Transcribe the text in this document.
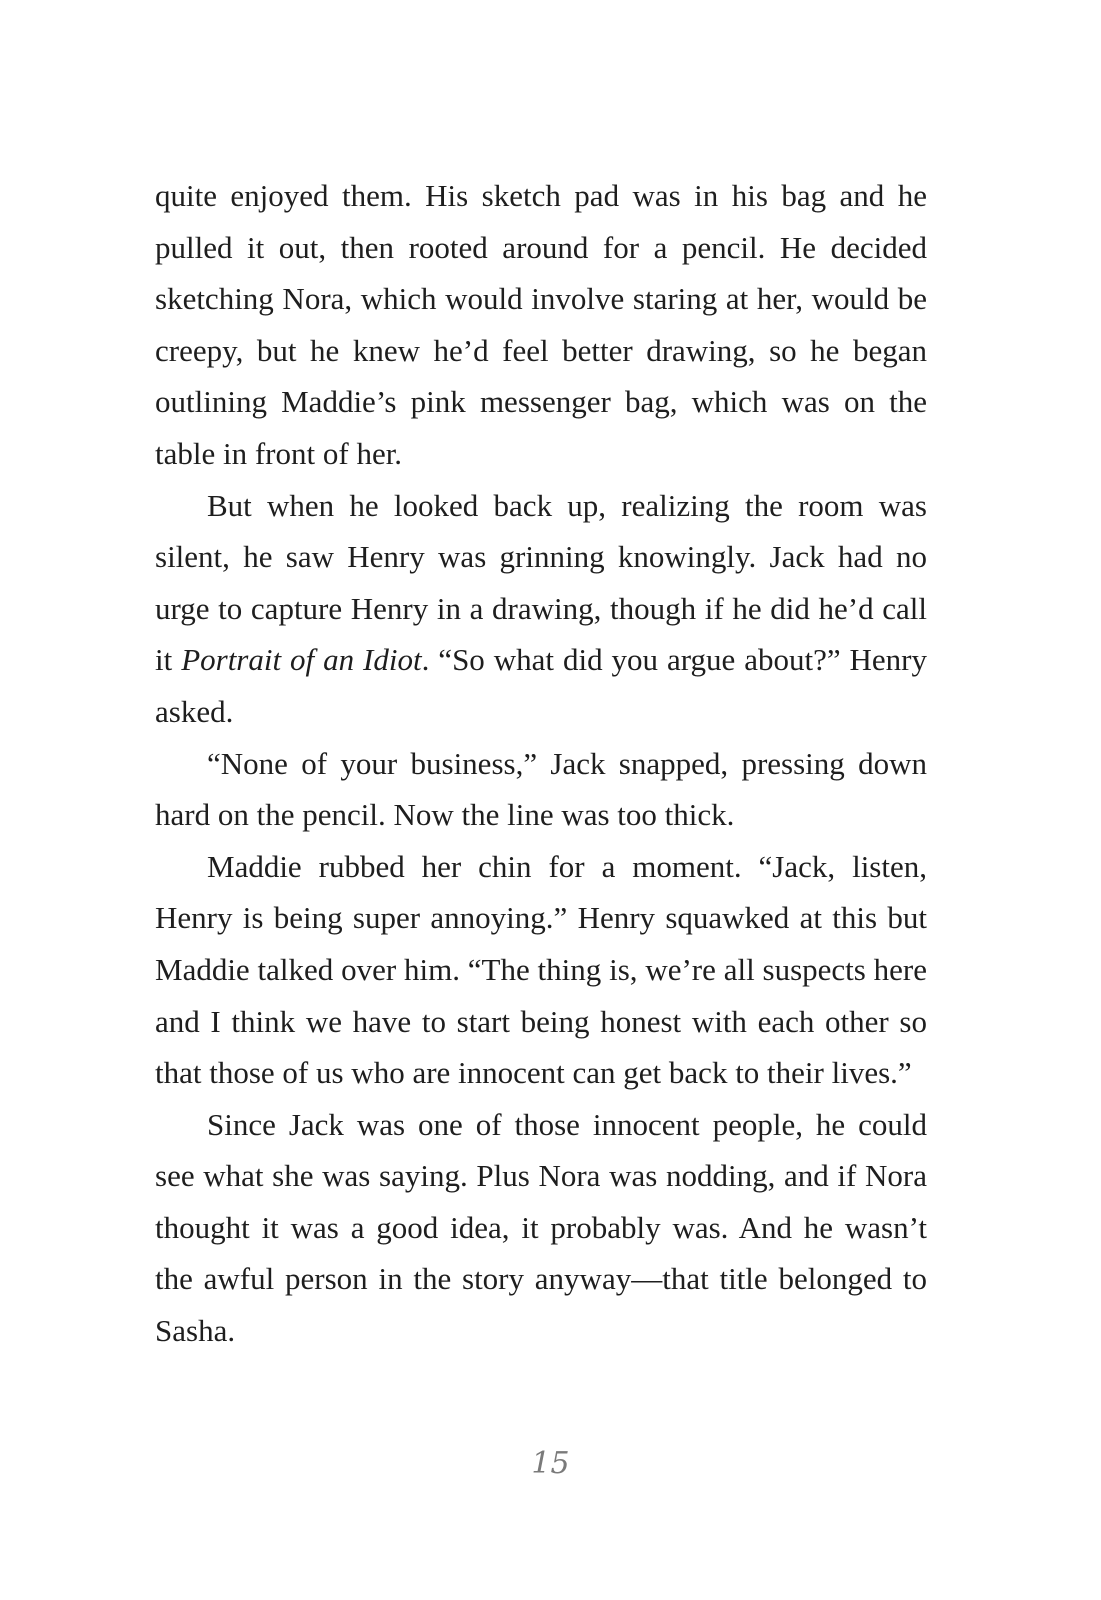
quite enjoyed them. His sketch pad was in his bag and he pulled it out, then rooted around for a pencil. He decided sketching Nora, which would involve staring at her, would be creepy, but he knew he’d feel better drawing, so he began outlining Maddie’s pink messenger bag, which was on the table in front of her.

But when he looked back up, realizing the room was silent, he saw Henry was grinning knowingly. Jack had no urge to capture Henry in a drawing, though if he did he’d call it Portrait of an Idiot. “So what did you argue about?” Henry asked.

“None of your business,” Jack snapped, pressing down hard on the pencil. Now the line was too thick.

Maddie rubbed her chin for a moment. “Jack, listen, Henry is being super annoying.” Henry squawked at this but Maddie talked over him. “The thing is, we’re all suspects here and I think we have to start being honest with each other so that those of us who are innocent can get back to their lives.”

Since Jack was one of those innocent people, he could see what she was saying. Plus Nora was nodding, and if Nora thought it was a good idea, it probably was. And he wasn’t the awful person in the story anyway—that title belonged to Sasha.

15
